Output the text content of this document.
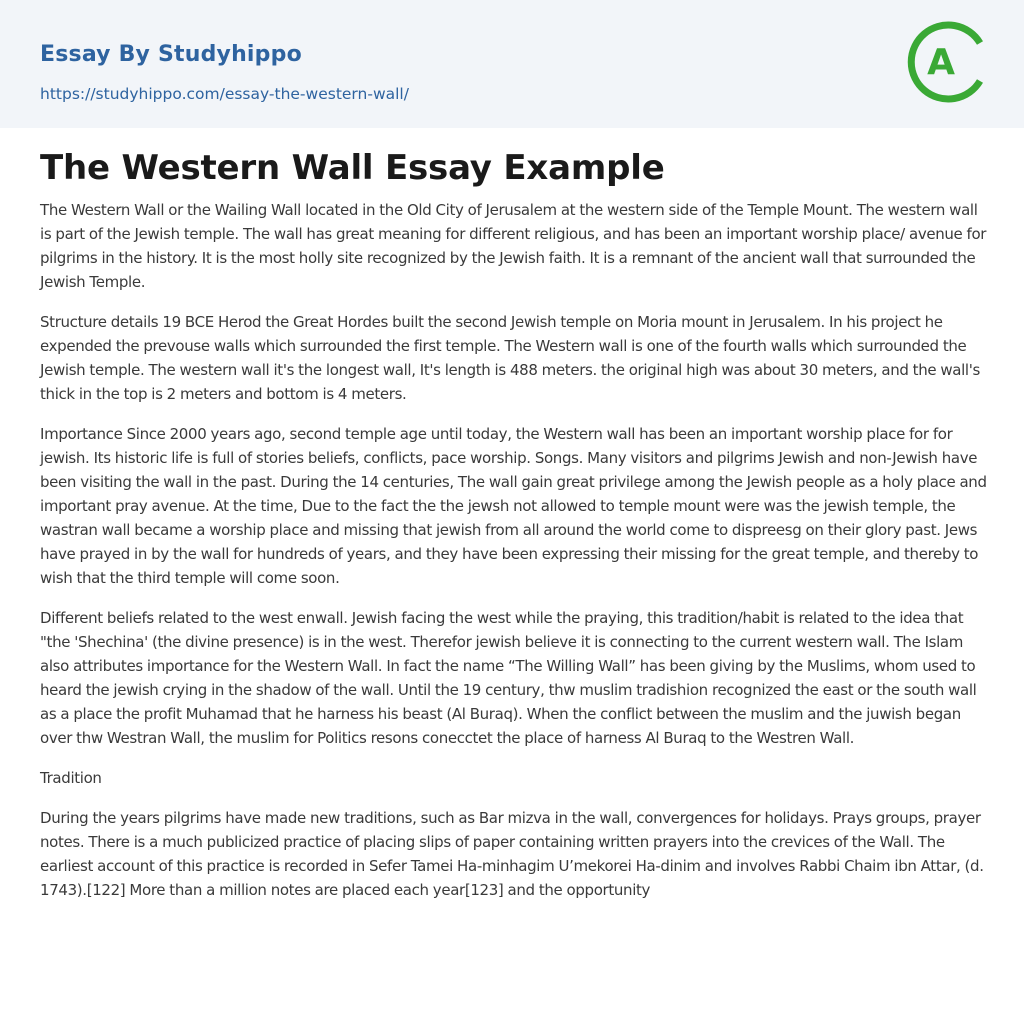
Essay By Studyhippo
https://studyhippo.com/essay-the-western-wall/
A
The Western Wall Essay Example

The Western Wall or the Wailing Wall located in the Old City of Jerusalem at the western side of the Temple Mount. The western wall is part of the Jewish temple. The wall has great meaning for different religious, and has been an important worship place/ avenue for pilgrims in the history. It is the most holly site recognized by the Jewish faith. It is a remnant of the ancient wall that surrounded the Jewish Temple.

Structure details 19 BCE Herod the Great Hordes built the second Jewish temple on Moria mount in Jerusalem. In his project he expended the prevouse walls which surrounded the first temple. The Western wall is one of the fourth walls which surrounded the Jewish temple. The western wall it's the longest wall, It's length is 488 meters. the original high was about 30 meters, and the wall's thick in the top is 2 meters and bottom is 4 meters.

Importance Since 2000 years ago, second temple age until today, the Western wall has been an important worship place for for jewish. Its historic life is full of stories beliefs, conflicts, pace worship. Songs. Many visitors and pilgrims Jewish and non-Jewish have been visiting the wall in the past. During the 14 centuries, The wall gain great privilege among the Jewish people as a holy place and important pray avenue. At the time, Due to the fact the the jewsh not allowed to temple mount were was the jewish temple, the wastran wall became a worship place and missing that jewish from all around the world come to dispreesg on their glory past. Jews have prayed in by the wall for hundreds of years, and they have been expressing their missing for the great temple, and thereby to wish that the third temple will come soon.

Different beliefs related to the west enwall. Jewish facing the west while the praying, this tradition/habit is related to the idea that "the 'Shechina' (the divine presence) is in the west. Therefor jewish believe it is connecting to the current western wall. The Islam also attributes importance for the Western Wall. In fact the name “The Willing Wall” has been giving by the Muslims, whom used to heard the jewish crying in the shadow of the wall. Until the 19 century, thw muslim tradishion recognized the east or the south wall as a place the profit Muhamad that he harness his beast (Al Buraq). When the conflict between the muslim and the juwish began over thw Westran Wall, the muslim for Politics resons conecctet the place of harness Al Buraq to the Westren Wall.

Tradition

During the years pilgrims have made new traditions, such as Bar mizva in the wall, convergences for holidays. Prays groups, prayer notes. There is a much publicized practice of placing slips of paper containing written prayers into the crevices of the Wall. The earliest account of this practice is recorded in Sefer Tamei Ha-minhagim U’mekorei Ha-dinim and involves Rabbi Chaim ibn Attar, (d. 1743).[122] More than a million notes are placed each year[123] and the opportunity
